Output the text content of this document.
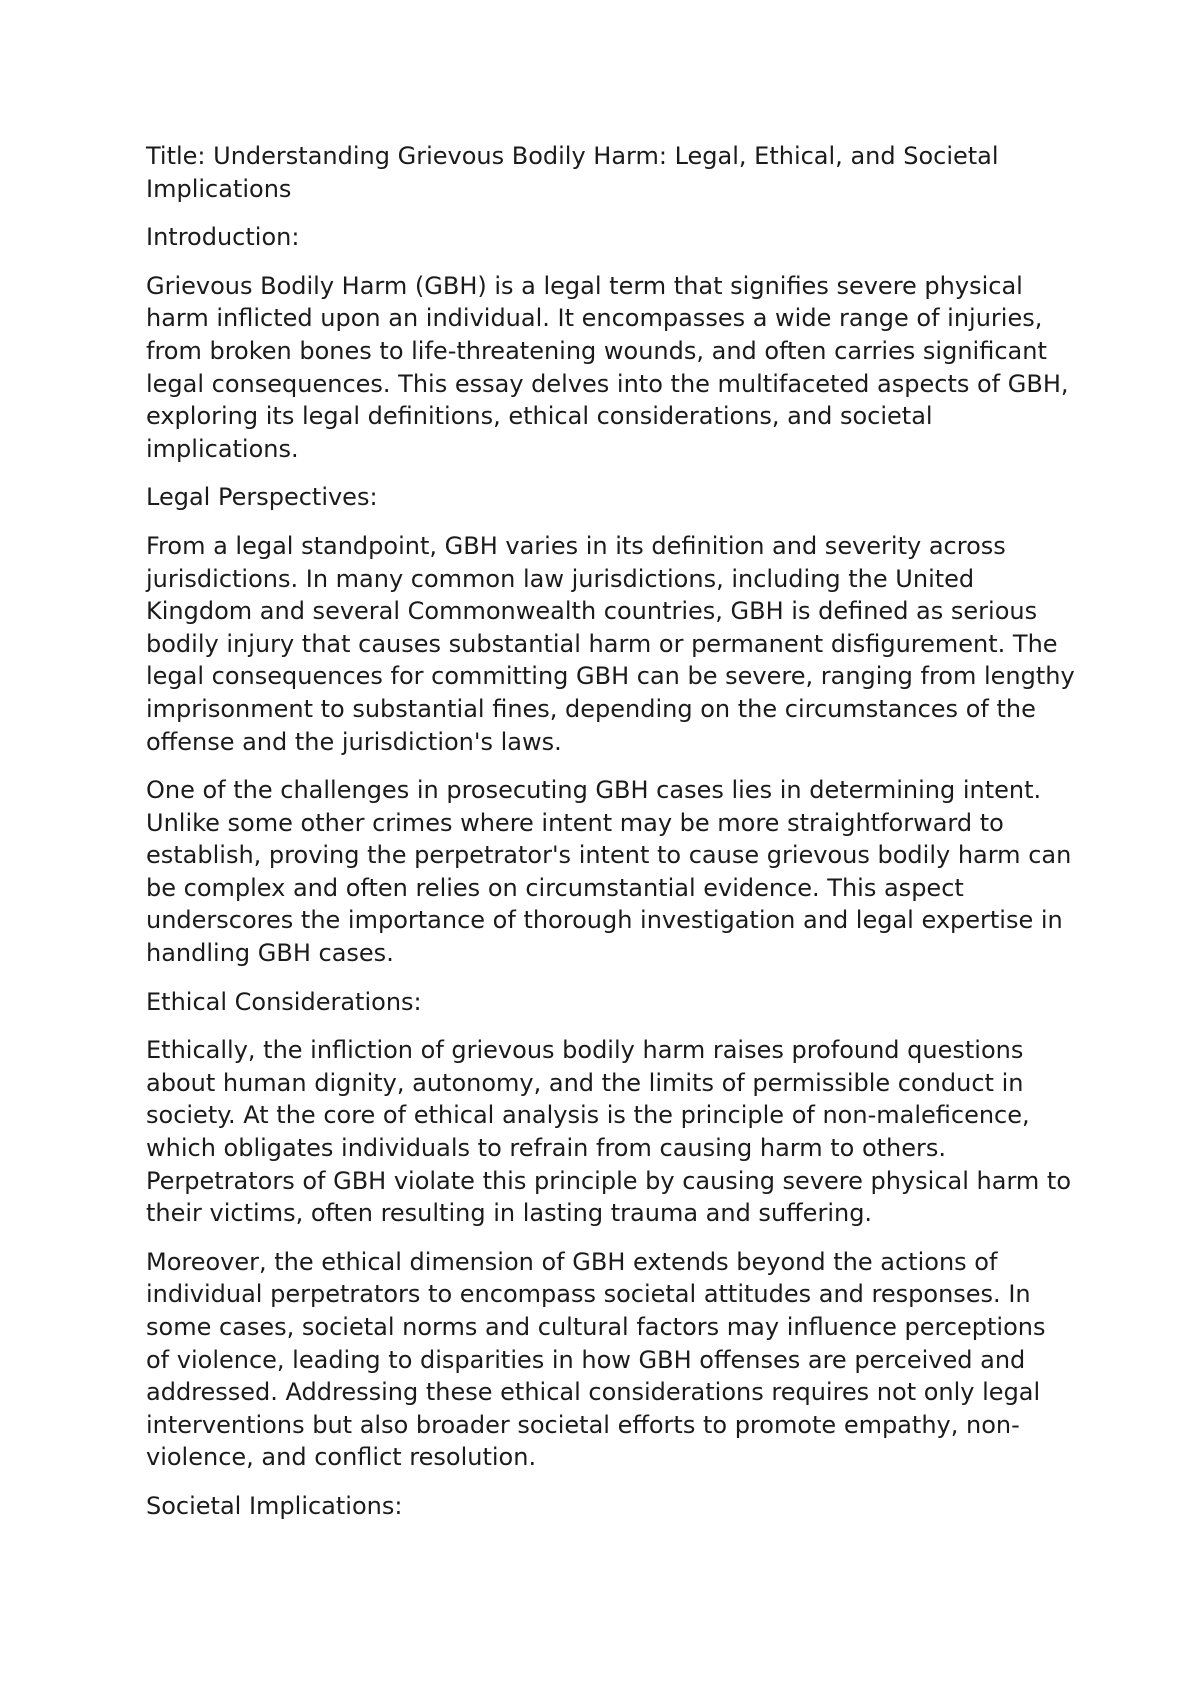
Title: Understanding Grievous Bodily Harm: Legal, Ethical, and Societal Implications

Introduction:

Grievous Bodily Harm (GBH) is a legal term that signifies severe physical harm inflicted upon an individual. It encompasses a wide range of injuries, from broken bones to life-threatening wounds, and often carries significant legal consequences. This essay delves into the multifaceted aspects of GBH, exploring its legal definitions, ethical considerations, and societal implications.

Legal Perspectives:

From a legal standpoint, GBH varies in its definition and severity across jurisdictions. In many common law jurisdictions, including the United Kingdom and several Commonwealth countries, GBH is defined as serious bodily injury that causes substantial harm or permanent disfigurement. The legal consequences for committing GBH can be severe, ranging from lengthy imprisonment to substantial fines, depending on the circumstances of the offense and the jurisdiction's laws.

One of the challenges in prosecuting GBH cases lies in determining intent. Unlike some other crimes where intent may be more straightforward to establish, proving the perpetrator's intent to cause grievous bodily harm can be complex and often relies on circumstantial evidence. This aspect underscores the importance of thorough investigation and legal expertise in handling GBH cases.

Ethical Considerations:

Ethically, the infliction of grievous bodily harm raises profound questions about human dignity, autonomy, and the limits of permissible conduct in society. At the core of ethical analysis is the principle of non-maleficence, which obligates individuals to refrain from causing harm to others. Perpetrators of GBH violate this principle by causing severe physical harm to their victims, often resulting in lasting trauma and suffering.

Moreover, the ethical dimension of GBH extends beyond the actions of individual perpetrators to encompass societal attitudes and responses. In some cases, societal norms and cultural factors may influence perceptions of violence, leading to disparities in how GBH offenses are perceived and addressed. Addressing these ethical considerations requires not only legal interventions but also broader societal efforts to promote empathy, non-violence, and conflict resolution.

Societal Implications:
